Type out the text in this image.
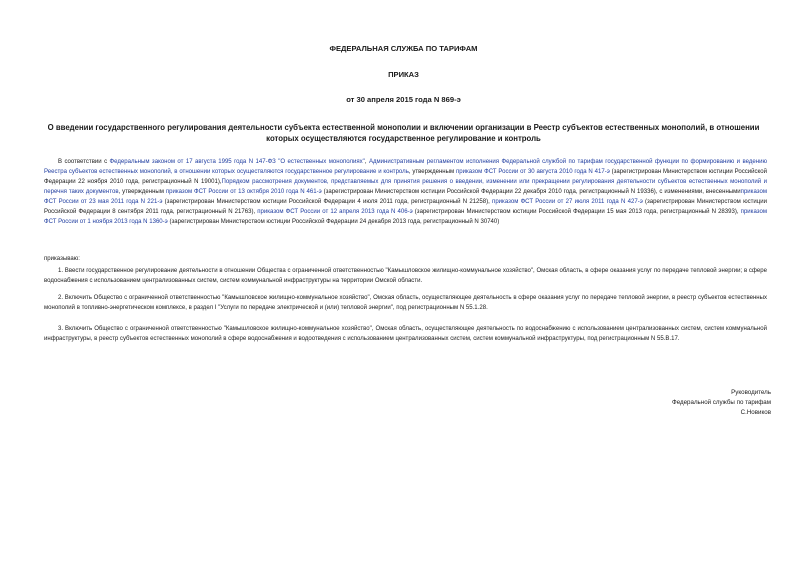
ФЕДЕРАЛЬНАЯ СЛУЖБА ПО ТАРИФАМ
ПРИКАЗ
от 30 апреля 2015 года N 869-э
О введении государственного регулирования деятельности субъекта естественной монополии и включении организации в Реестр субъектов естественных монополий, в отношении которых осуществляются государственное регулирование и контроль
В соответствии с Федеральным законом от 17 августа 1995 года N 147-ФЗ "О естественных монополиях", Административным регламентом исполнения Федеральной службой по тарифам государственной функции по формированию и ведению Реестра субъектов естественных монополий, в отношении которых осуществляются государственное регулирование и контроль, утвержденным приказом ФСТ России от 30 августа 2010 года N 417-э (зарегистрирован Министерством юстиции Российской Федерации 22 ноября 2010 года, регистрационный N 19001),Порядком рассмотрения документов, представляемых для принятия решения о введении, изменении или прекращении регулирования деятельности субъектов естественных монополий и перечня таких документов, утвержденным приказом ФСТ России от 13 октября 2010 года N 461-э (зарегистрирован Министерством юстиции Российской Федерации 22 декабря 2010 года, регистрационный N 19336), с изменениями, внесеннымиприказом ФСТ России от 23 мая 2011 года N 221-э (зарегистрирован Министерством юстиции Российской Федерации 4 июля 2011 года, регистрационный N 21258), приказом ФСТ России от 27 июля 2011 года N 427-э (зарегистрирован Министерством юстиции Российской Федерации 8 сентября 2011 года, регистрационный N 21763), приказом ФСТ России от 12 апреля 2013 года N 406-э (зарегистрирован Министерством юстиции Российской Федерации 15 мая 2013 года, регистрационный N 28393), приказом ФСТ России от 1 ноября 2013 года N 1360-э (зарегистрирован Министерством юстиции Российской Федерации 24 декабря 2013 года, регистрационный N 30740)
приказываю:
1. Ввести государственное регулирование деятельности в отношении Общества с ограниченной ответственностью "Камышловское жилищно-коммунальное хозяйство", Омская область, в сфере оказания услуг по передаче тепловой энергии; в сфере водоснабжения с использованием централизованных систем, систем коммунальной инфраструктуры на территории Омской области.
2. Включить Общество с ограниченной ответственностью "Камышловское жилищно-коммунальное хозяйство", Омская область, осуществляющее деятельность в сфере оказания услуг по передаче тепловой энергии, в реестр субъектов естественных монополий в топливно-энергетическом комплексе, в раздел I "Услуги по передаче электрической и (или) тепловой энергии", под регистрационным N 55.1.28.
3. Включить Общество с ограниченной ответственностью "Камышловское жилищно-коммунальное хозяйство", Омская область, осуществляющее деятельность по водоснабжению с использованием централизованных систем, систем коммунальной инфраструктуры, в реестр субъектов естественных монополий в сфере водоснабжения и водоотведения с использованием централизованных систем, систем коммунальной инфраструктуры, под регистрационным N 55.В.17.
Руководитель
Федеральной службы по тарифам
С.Новиков
